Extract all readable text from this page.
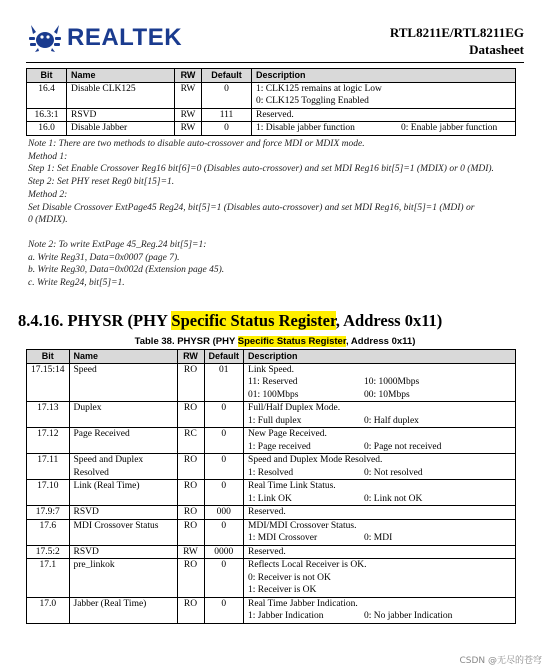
REALTEK	RTL8211E/RTL8211EG
Datasheet
Bit	Name	RW	Default	Description
16.4	Disable CLK125	RW	0	1: CLK125 remains at logic Low
0: CLK125 Toggling Enabled

16.3:1	RSVD	RW	111	Reserved.
16.0	Disable Jabber	RW	0	1: Disable jabber function 0: Enable jabber function
Note 1: There are two methods to disable auto-crossover and force MDI or MDIX mode.
Method 1:
Step 1: Set Enable Crossover Reg16 bit[6]=0 (Disables auto-crossover) and set MDI Reg16 bit[5]=1 (MDIX) or 0 (MDI).
Step 2: Set PHY reset Reg0 bit[15]=1.
Method 2:
Set Disable Crossover ExtPage45 Reg24, bit[5]=1 (Disables auto-crossover) and set MDI Reg16, bit[5]=1 (MDI) or
0 (MDIX).
Note 2: To write ExtPage 45_Reg.24 bit[5]=1:
a. Write Reg31, Data=0x0007 (page 7).
b. Write Reg30, Data=0x002d (Extension page 45).
c. Write Reg24, bit[5]=1.
8.4.16. PHYSR (PHY Specific Status Register, Address 0x11)
Table 38. PHYSR (PHY Specific Status Register, Address 0x11)
Bit	Name	RW	Default	Description
17.15:14	Speed	RO	01	Link Speed.
11: Reserved 10: 1000Mbps
01: 100Mbps 00: 10Mbps

17.13	Duplex	RO	0	Full/Half Duplex Mode.
1: Full duplex 0: Half duplex

17.12	Page Received	RC	0	New Page Received.
1: Page received 0: Page not received

17.11	Speed and Duplex Resolved	RO	0	Speed and Duplex Mode Resolved.
1: Resolved 0: Not resolved

17.10	Link (Real Time)	RO	0	Real Time Link Status.
1: Link OK 0: Link not OK

17.9:7	RSVD	RO	000	Reserved.

17.6	MDI Crossover Status	RO	0	MDI/MDI Crossover Status.
1: MDI Crossover 0: MDI

17.5:2	RSVD	RW	0000	Reserved.

17.1	pre_linkok	RO	0	Reflects Local Receiver is OK.
0: Receiver is not OK
1: Receiver is OK

17.0	Jabber (Real Time)	RO	0	Real Time Jabber Indication.
1: Jabber Indication 0: No jabber Indication
CSDN @无尽的苍穹
